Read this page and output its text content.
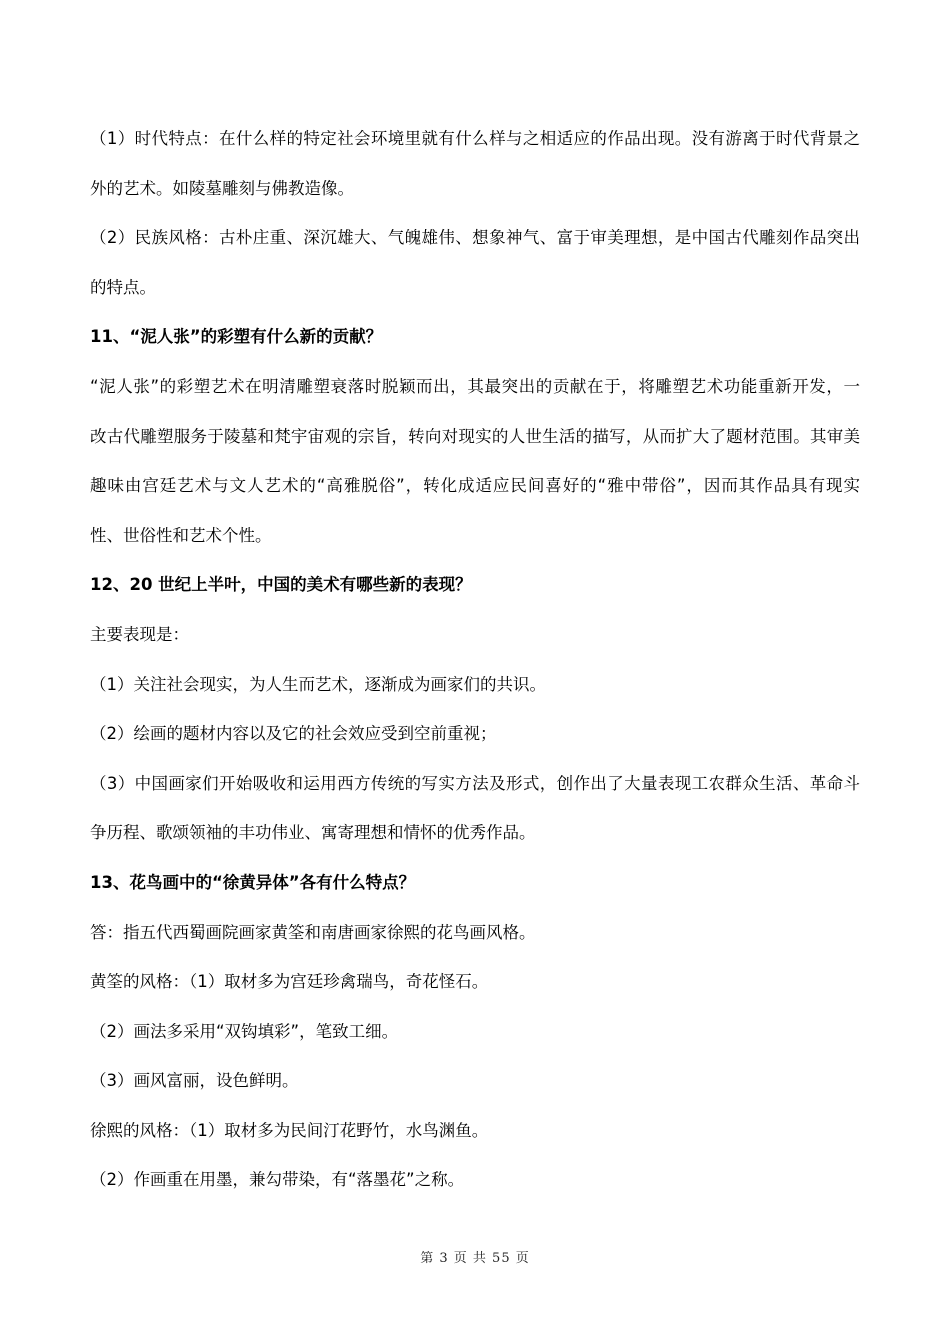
（1）时代特点：在什么样的特定社会环境里就有什么样与之相适应的作品出现。没有游离于时代背景之
外的艺术。如陵墓雕刻与佛教造像。
（2）民族风格：古朴庄重、深沉雄大、气魄雄伟、想象神气、富于审美理想，是中国古代雕刻作品突出
的特点。
11、“泥人张”的彩塑有什么新的贡献？
“泥人张”的彩塑艺术在明清雕塑衰落时脱颖而出，其最突出的贡献在于，将雕塑艺术功能重新开发，一
改古代雕塑服务于陵墓和梵宇宙观的宗旨，转向对现实的人世生活的描写，从而扩大了题材范围。其审美
趣味由宫廷艺术与文人艺术的“高雅脱俗”，转化成适应民间喜好的“雅中带俗”，因而其作品具有现实
性、世俗性和艺术个性。
12、20 世纪上半叶，中国的美术有哪些新的表现？
主要表现是：
（1）关注社会现实，为人生而艺术，逐渐成为画家们的共识。
（2）绘画的题材内容以及它的社会效应受到空前重视；
（3）中国画家们开始吸收和运用西方传统的写实方法及形式，创作出了大量表现工农群众生活、革命斗
争历程、歌颂领袖的丰功伟业、寓寄理想和情怀的优秀作品。
13、花鸟画中的“徐黄异体”各有什么特点？
答：指五代西蜀画院画家黄筌和南唐画家徐熙的花鸟画风格。
黄筌的风格：（1）取材多为宫廷珍禽瑞鸟，奇花怪石。
（2）画法多采用“双钩填彩”，笔致工细。
（3）画风富丽，设色鲜明。
徐熙的风格：（1）取材多为民间汀花野竹，水鸟渊鱼。
（2）作画重在用墨，兼勾带染，有“落墨花”之称。
第 3 页 共 55 页
